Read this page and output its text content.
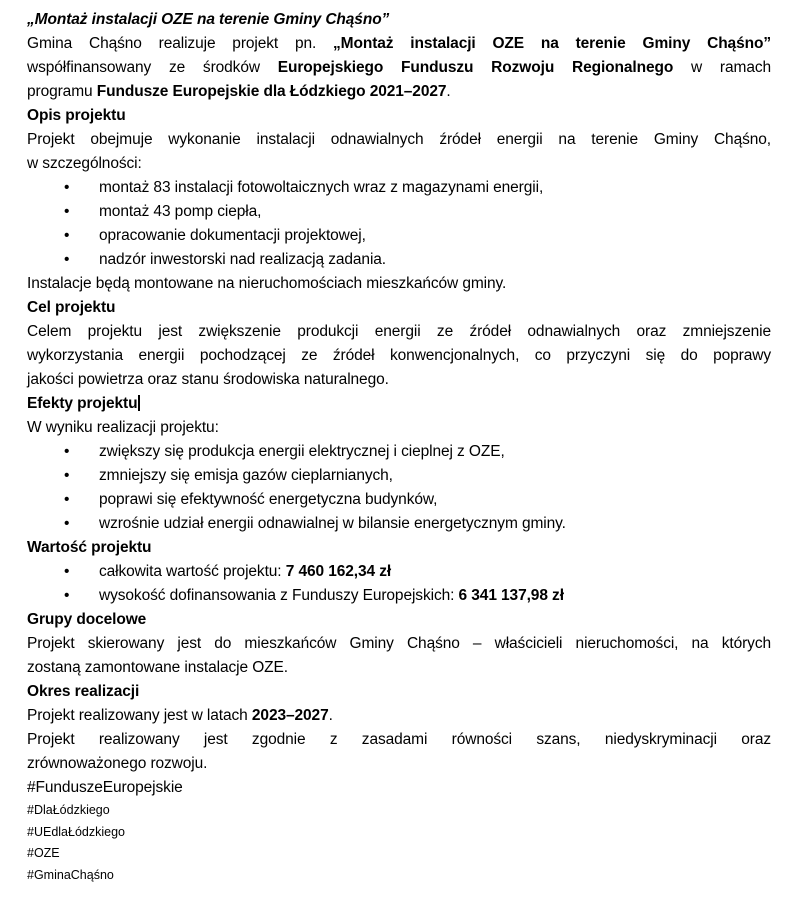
„Montaż instalacji OZE na terenie Gminy Chąśno”
Gmina Chąśno realizuje projekt pn. „Montaż instalacji OZE na terenie Gminy Chąśno”
współfinansowany ze środków Europejskiego Funduszu Rozwoju Regionalnego w ramach
programu Fundusze Europejskie dla Łódzkiego 2021–2027.
Opis projektu
Projekt obejmuje wykonanie instalacji odnawialnych źródeł energii na terenie Gminy Chąśno,
w szczególności:
• montaż 83 instalacji fotowoltaicznych wraz z magazynami energii,
• montaż 43 pomp ciepła,
• opracowanie dokumentacji projektowej,
• nadzór inwestorski nad realizacją zadania.
Instalacje będą montowane na nieruchomościach mieszkańców gminy.
Cel projektu
Celem projektu jest zwiększenie produkcji energii ze źródeł odnawialnych oraz zmniejszenie
wykorzystania energii pochodzącej ze źródeł konwencjonalnych, co przyczyni się do poprawy
jakości powietrza oraz stanu środowiska naturalnego.
Efekty projektu
W wyniku realizacji projektu:
• zwiększy się produkcja energii elektrycznej i cieplnej z OZE,
• zmniejszy się emisja gazów cieplarnianych,
• poprawi się efektywność energetyczna budynków,
• wzrośnie udział energii odnawialnej w bilansie energetycznym gminy.
Wartość projektu
• całkowita wartość projektu: 7 460 162,34 zł
• wysokość dofinansowania z Funduszy Europejskich: 6 341 137,98 zł
Grupy docelowe
Projekt skierowany jest do mieszkańców Gminy Chąśno – właścicieli nieruchomości, na których
zostaną zamontowane instalacje OZE.
Okres realizacji
Projekt realizowany jest w latach 2023–2027.
Projekt realizowany jest zgodnie z zasadami równości szans, niedyskryminacji oraz
zrównoważonego rozwoju.
#FunduszeEuropejskie
#DlaŁódzkiego
#UEdlaŁódzkiego
#OZE
#GminaChąśno
